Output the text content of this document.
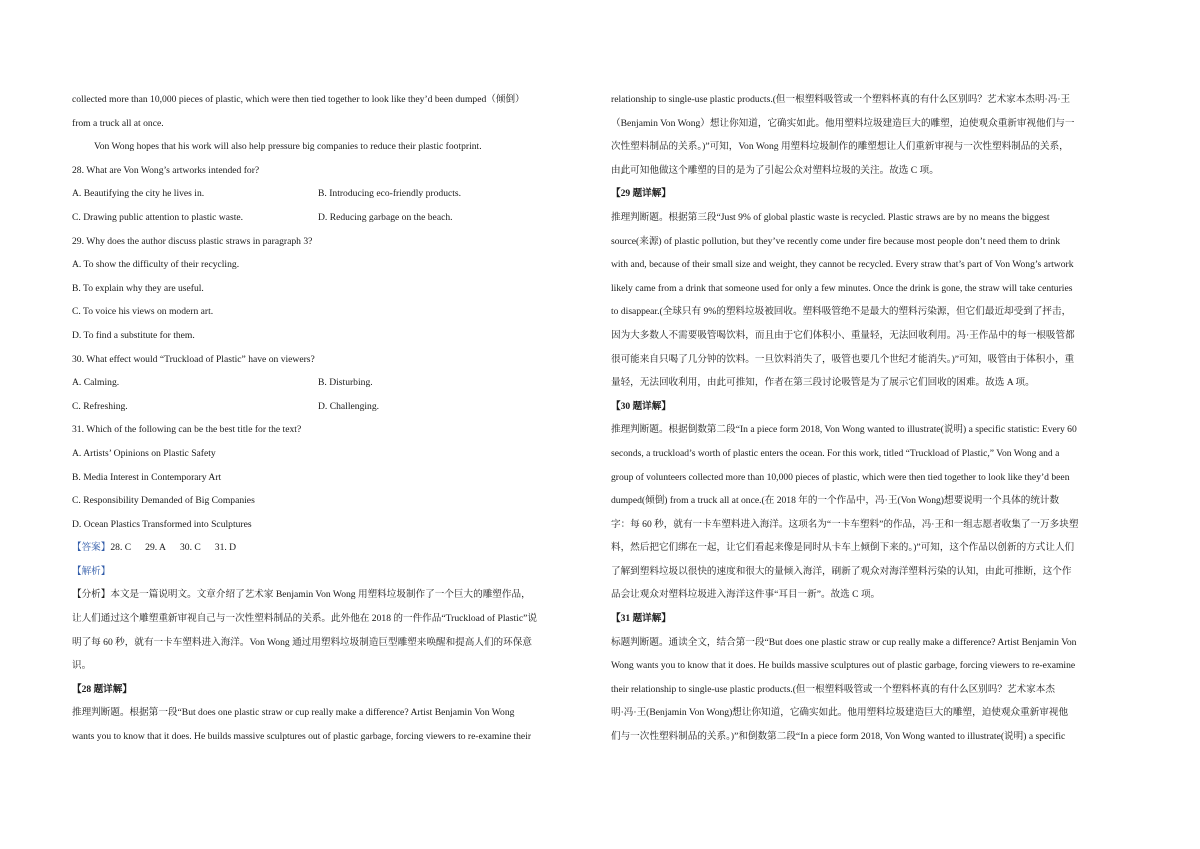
collected more than 10,000 pieces of plastic, which were then tied together to look like they’d been dumped（倾倒）
from a truck all at once.
Von Wong hopes that his work will also help pressure big companies to reduce their plastic footprint.
28. What are Von Wong’s artworks intended for?
A. Beautifying the city he lives in.	B. Introducing eco-friendly products.
C. Drawing public attention to plastic waste.	D. Reducing garbage on the beach.
29. Why does the author discuss plastic straws in paragraph 3?
A. To show the difficulty of their recycling.
B. To explain why they are useful.
C. To voice his views on modern art.
D. To find a substitute for them.
30. What effect would “Truckload of Plastic” have on viewers?
A. Calming.	B. Disturbing.
C. Refreshing.	D. Challenging.
31. Which of the following can be the best title for the text?
A. Artists’ Opinions on Plastic Safety
B. Media Interest in Contemporary Art
C. Responsibility Demanded of Big Companies
D. Ocean Plastics Transformed into Sculptures
【答案】28. C 29. A 30. C 31. D
【解析】
【分析】本文是一篇说明文。文章介绍了艺术家 Benjamin Von Wong 用塑料垃圾制作了一个巨大的雕塑作品，
让人们通过这个雕塑重新审视自己与一次性塑料制品的关系。此外他在 2018 的一件作品“Truckload of Plastic”说
明了每 60 秒，就有一卡车塑料进入海洋。Von Wong 通过用塑料垃圾制造巨型雕塑来唤醒和提高人们的环保意
识。
【28 题详解】
推理判断题。根据第一段“But does one plastic straw or cup really make a difference? Artist Benjamin Von Wong
wants you to know that it does. He builds massive sculptures out of plastic garbage, forcing viewers to re-examine their
relationship to single-use plastic products.(但一根塑料吸管或一个塑料杯真的有什么区别吗？艺术家本杰明·冯·王
（Benjamin Von Wong）想让你知道，它确实如此。他用塑料垃圾建造巨大的雕塑，迫使观众重新审视他们与一
次性塑料制品的关系。)”可知，Von Wong 用塑料垃圾制作的雕塑想让人们重新审视与一次性塑料制品的关系，
由此可知他做这个雕塑的目的是为了引起公众对塑料垃圾的关注。故选 C 项。
【29 题详解】
推理判断题。根据第三段“Just 9% of global plastic waste is recycled. Plastic straws are by no means the biggest
source(来源) of plastic pollution, but they’ve recently come under fire because most people don’t need them to drink
with and, because of their small size and weight, they cannot be recycled. Every straw that’s part of Von Wong’s artwork
likely came from a drink that someone used for only a few minutes. Once the drink is gone, the straw will take centuries
to disappear.(全球只有 9%的塑料垃圾被回收。塑料吸管绝不是最大的塑料污染源，但它们最近却受到了抨击，
因为大多数人不需要吸管喝饮料，而且由于它们体积小、重量轻，无法回收利用。冯·王作品中的每一根吸管都
很可能来自只喝了几分钟的饮料。一旦饮料消失了，吸管也要几个世纪才能消失。)”可知，吸管由于体积小，重
量轻，无法回收利用，由此可推知，作者在第三段讨论吸管是为了展示它们回收的困难。故选 A 项。
【30 题详解】
推理判断题。根据倒数第二段“In a piece form 2018, Von Wong wanted to illustrate(说明) a specific statistic: Every 60
seconds, a truckload’s worth of plastic enters the ocean. For this work, titled “Truckload of Plastic,” Von Wong and a
group of volunteers collected more than 10,000 pieces of plastic, which were then tied together to look like they’d been
dumped(倾倒) from a truck all at once.(在 2018 年的一个作品中，冯·王(Von Wong)想要说明一个具体的统计数
字：每 60 秒，就有一卡车塑料进入海洋。这项名为“一卡车塑料”的作品，冯·王和一组志愿者收集了一万多块塑
料，然后把它们绑在一起，让它们看起来像是同时从卡车上倾倒下来的。)”可知，这个作品以创新的方式让人们
了解到塑料垃圾以很快的速度和很大的量倾入海洋，刷新了观众对海洋塑料污染的认知，由此可推断，这个作
品会让观众对塑料垃圾进入海洋这件事“耳目一新”。故选 C 项。
【31 题详解】
标题判断题。通读全文，结合第一段“But does one plastic straw or cup really make a difference? Artist Benjamin Von
Wong wants you to know that it does. He builds massive sculptures out of plastic garbage, forcing viewers to re-examine
their relationship to single-use plastic products.(但一根塑料吸管或一个塑料杯真的有什么区别吗？艺术家本杰
明·冯·王(Benjamin Von Wong)想让你知道，它确实如此。他用塑料垃圾建造巨大的雕塑，迫使观众重新审视他
们与一次性塑料制品的关系。)”和倒数第二段“In a piece form 2018, Von Wong wanted to illustrate(说明) a specific
